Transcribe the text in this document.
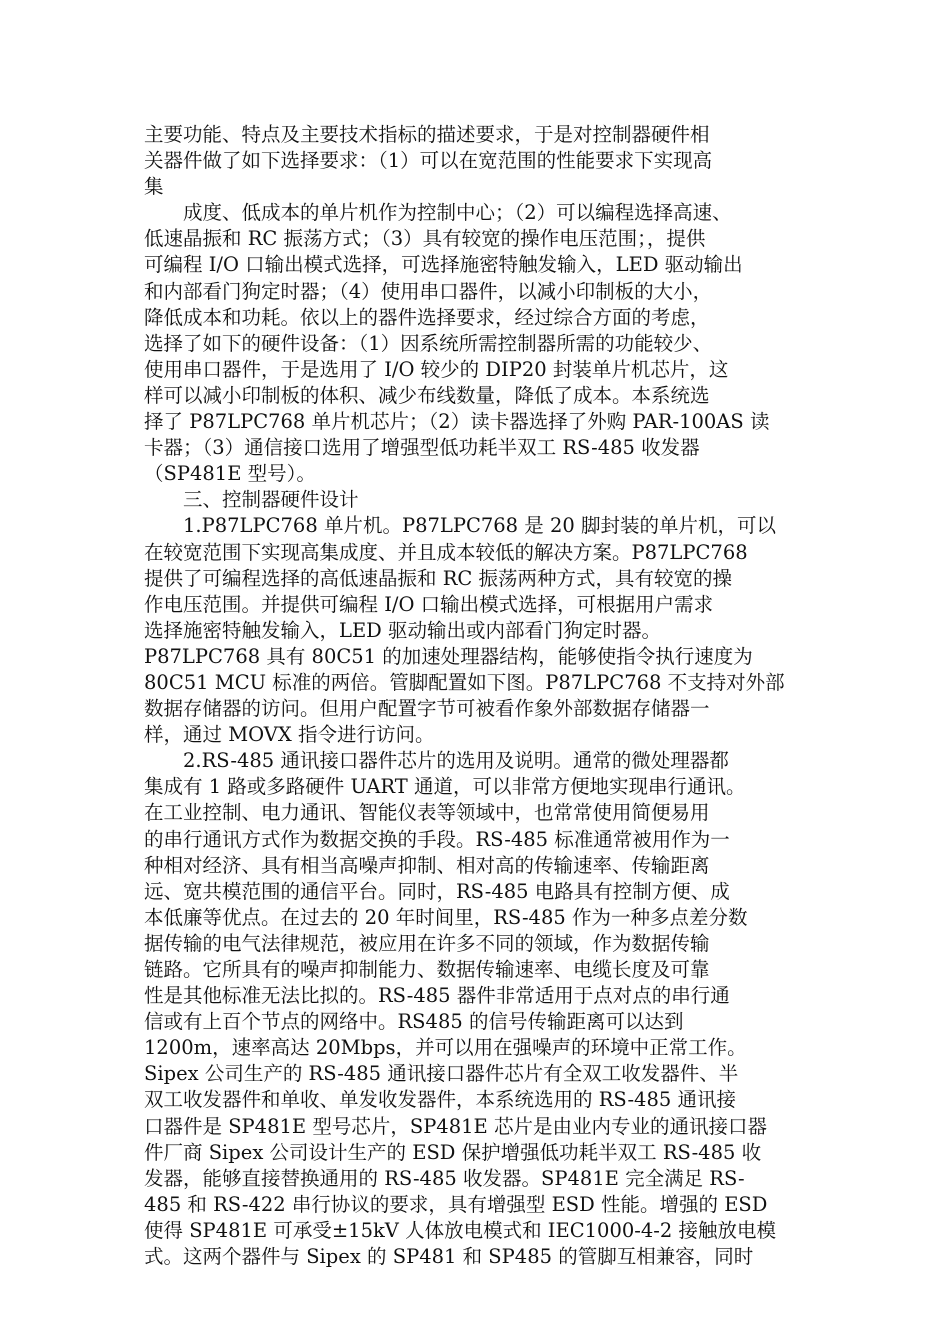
主要功能、特点及主要技术指标的描述要求，于是对控制器硬件相
关器件做了如下选择要求：（1）可以在宽范围的性能要求下实现高
集
　　成度、低成本的单片机作为控制中心；（2）可以编程选择高速、
低速晶振和 RC 振荡方式；（3）具有较宽的操作电压范围；，提供
可编程 I/O 口输出模式选择，可选择施密特触发输入，LED 驱动输出
和内部看门狗定时器；（4）使用串口器件，以减小印制板的大小，
降低成本和功耗。依以上的器件选择要求，经过综合方面的考虑，
选择了如下的硬件设备：（1）因系统所需控制器所需的功能较少、
使用串口器件，于是选用了 I/O 较少的 DIP20 封装单片机芯片，这
样可以减小印制板的体积、减少布线数量，降低了成本。本系统选
择了 P87LPC768 单片机芯片；（2）读卡器选择了外购 PAR-100AS 读
卡器；（3）通信接口选用了增强型低功耗半双工 RS-485 收发器
（SP481E 型号）。
　　三、控制器硬件设计
　　1.P87LPC768 单片机。P87LPC768 是 20 脚封装的单片机，可以
在较宽范围下实现高集成度、并且成本较低的解决方案。P87LPC768
提供了可编程选择的高低速晶振和 RC 振荡两种方式，具有较宽的操
作电压范围。并提供可编程 I/O 口输出模式选择，可根据用户需求
选择施密特触发输入，LED 驱动输出或内部看门狗定时器。
P87LPC768 具有 80C51 的加速处理器结构，能够使指令执行速度为
80C51 MCU 标准的两倍。管脚配置如下图。P87LPC768 不支持对外部
数据存储器的访问。但用户配置字节可被看作象外部数据存储器一
样，通过 MOVX 指令进行访问。
　　2.RS-485 通讯接口器件芯片的选用及说明。通常的微处理器都
集成有 1 路或多路硬件 UART 通道，可以非常方便地实现串行通讯。
在工业控制、电力通讯、智能仪表等领域中，也常常使用简便易用
的串行通讯方式作为数据交换的手段。RS-485 标准通常被用作为一
种相对经济、具有相当高噪声抑制、相对高的传输速率、传输距离
远、宽共模范围的通信平台。同时，RS-485 电路具有控制方便、成
本低廉等优点。在过去的 20 年时间里，RS-485 作为一种多点差分数
据传输的电气法律规范，被应用在许多不同的领域，作为数据传输
链路。它所具有的噪声抑制能力、数据传输速率、电缆长度及可靠
性是其他标准无法比拟的。RS-485 器件非常适用于点对点的串行通
信或有上百个节点的网络中。RS485 的信号传输距离可以达到
1200m，速率高达 20Mbps，并可以用在强噪声的环境中正常工作。
Sipex 公司生产的 RS-485 通讯接口器件芯片有全双工收发器件、半
双工收发器件和单收、单发收发器件，本系统选用的 RS-485 通讯接
口器件是 SP481E 型号芯片，SP481E 芯片是由业内专业的通讯接口器
件厂商 Sipex 公司设计生产的 ESD 保护增强低功耗半双工 RS-485 收
发器，能够直接替换通用的 RS-485 收发器。SP481E 完全满足 RS-
485 和 RS-422 串行协议的要求，具有增强型 ESD 性能。增强的 ESD
使得 SP481E 可承受±15kV 人体放电模式和 IEC1000-4-2 接触放电模
式。这两个器件与 Sipex 的 SP481 和 SP485 的管脚互相兼容，同时
